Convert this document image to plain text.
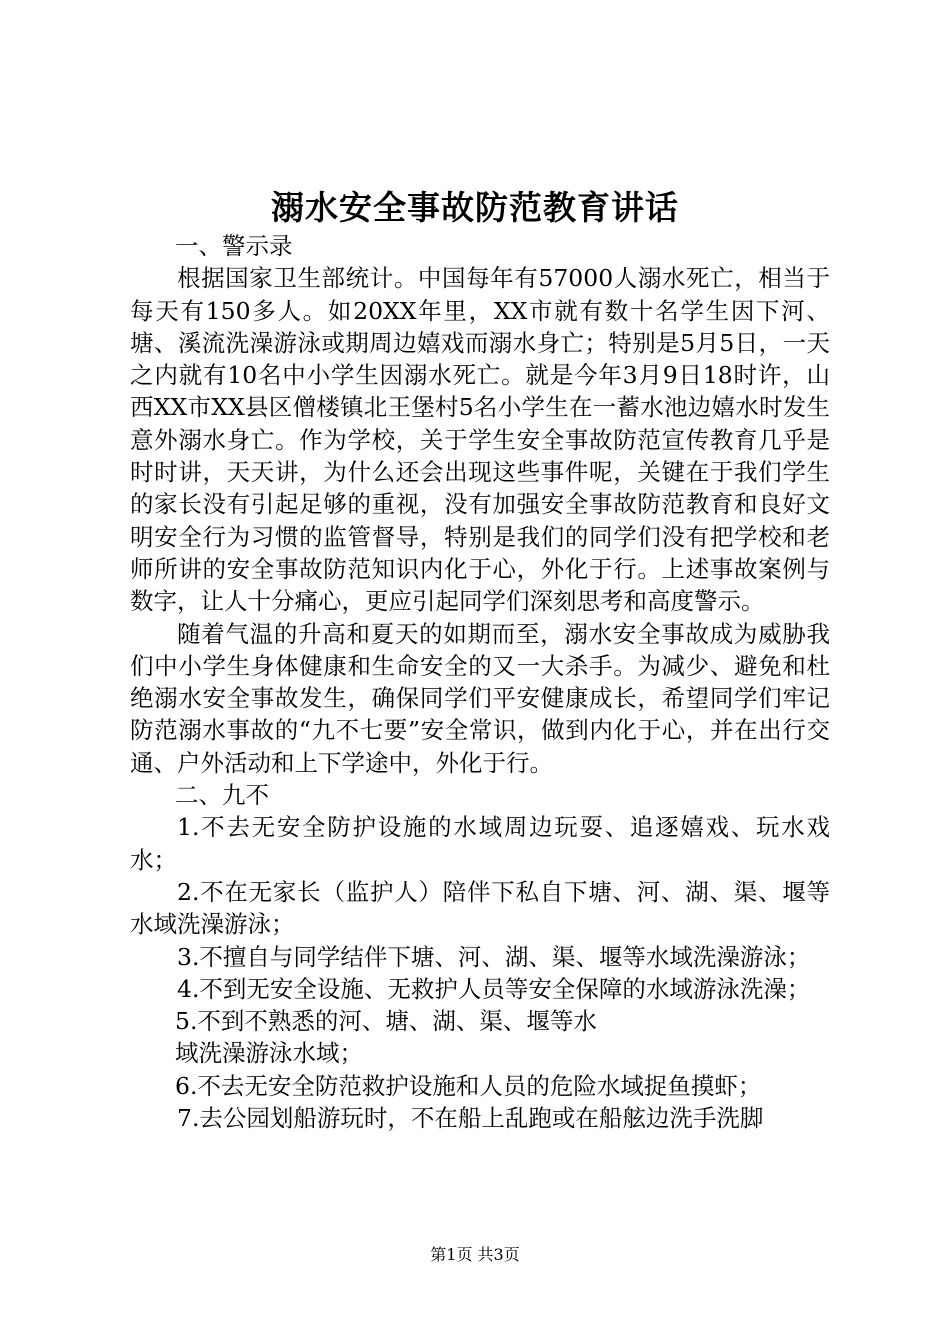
溺水安全事故防范教育讲话

一、警示录

根据国家卫生部统计。中国每年有57000人溺水死亡，相当于每天有150多人。如20XX年里，XX市就有数十名学生因下河、塘、溪流洗澡游泳或期周边嬉戏而溺水身亡；特别是5月5日，一天之内就有10名中小学生因溺水死亡。就是今年3月9日18时许，山西XX市XX县区僧楼镇北王堡村5名小学生在一蓄水池边嬉水时发生意外溺水身亡。作为学校，关于学生安全事故防范宣传教育几乎是时时讲，天天讲，为什么还会出现这些事件呢，关键在于我们学生的家长没有引起足够的重视，没有加强安全事故防范教育和良好文明安全行为习惯的监管督导，特别是我们的同学们没有把学校和老师所讲的安全事故防范知识内化于心，外化于行。上述事故案例与数字，让人十分痛心，更应引起同学们深刻思考和高度警示。

随着气温的升高和夏天的如期而至，溺水安全事故成为威胁我们中小学生身体健康和生命安全的又一大杀手。为减少、避免和杜绝溺水安全事故发生，确保同学们平安健康成长，希望同学们牢记防范溺水事故的“九不七要”安全常识，做到内化于心，并在出行交通、户外活动和上下学途中，外化于行。

二、九不

1.不去无安全防护设施的水域周边玩耍、追逐嬉戏、玩水戏水；

2.不在无家长（监护人）陪伴下私自下塘、河、湖、渠、堰等水域洗澡游泳；

3.不擅自与同学结伴下塘、河、湖、渠、堰等水域洗澡游泳；

4.不到无安全设施、无救护人员等安全保障的水域游泳洗澡；

5.不到不熟悉的河、塘、湖、渠、堰等水

域洗澡游泳水域；

6.不去无安全防范救护设施和人员的危险水域捉鱼摸虾；

7.去公园划船游玩时，不在船上乱跑或在船舷边洗手洗脚

第1页 共3页
